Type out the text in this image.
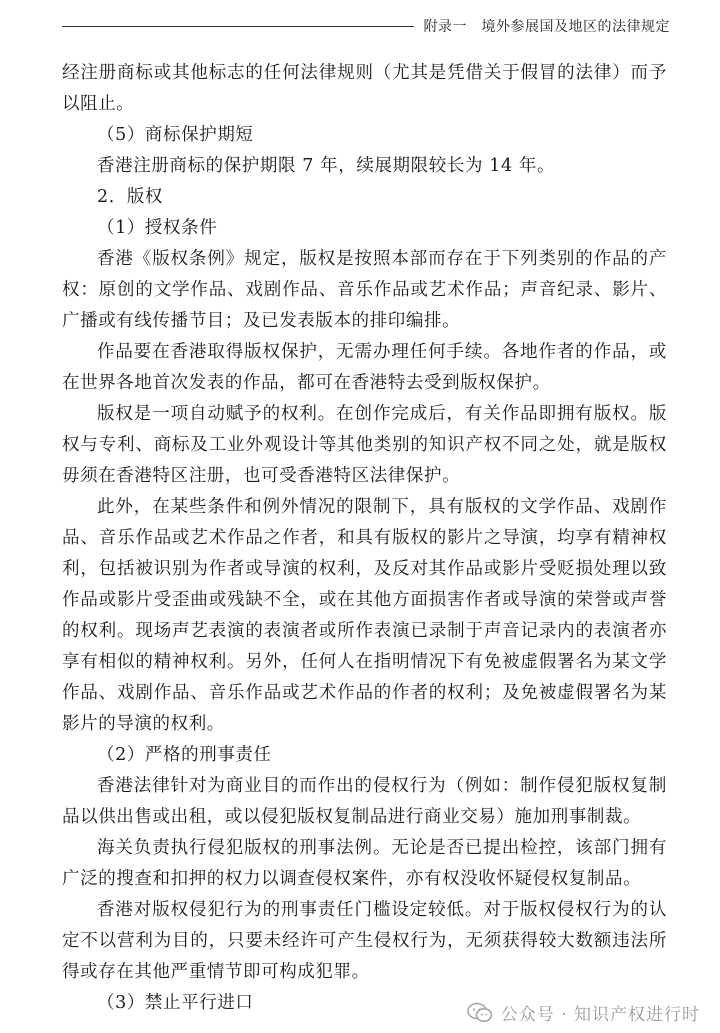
附录一　境外参展国及地区的法律规定

经注册商标或其他标志的任何法律规则（尤其是凭借关于假冒的法律）而予以阻止。

（5）商标保护期短

香港注册商标的保护期限 7 年，续展期限较长为 14 年。

2．版权

（1）授权条件

香港《版权条例》规定，版权是按照本部而存在于下列类别的作品的产权：原创的文学作品、戏剧作品、音乐作品或艺术作品；声音纪录、影片、广播或有线传播节目；及已发表版本的排印编排。

作品要在香港取得版权保护，无需办理任何手续。各地作者的作品，或在世界各地首次发表的作品，都可在香港特去受到版权保护。

版权是一项自动赋予的权利。在创作完成后，有关作品即拥有版权。版权与专利、商标及工业外观设计等其他类别的知识产权不同之处，就是版权毋须在香港特区注册，也可受香港特区法律保护。

此外，在某些条件和例外情况的限制下，具有版权的文学作品、戏剧作品、音乐作品或艺术作品之作者，和具有版权的影片之导演，均享有精神权利，包括被识别为作者或导演的权利，及反对其作品或影片受贬损处理以致作品或影片受歪曲或残缺不全，或在其他方面损害作者或导演的荣誉或声誉的权利。现场声艺表演的表演者或所作表演已录制于声音记录内的表演者亦享有相似的精神权利。另外，任何人在指明情况下有免被虚假署名为某文学作品、戏剧作品、音乐作品或艺术作品的作者的权利；及免被虚假署名为某影片的导演的权利。

（2）严格的刑事责任

香港法律针对为商业目的而作出的侵权行为（例如：制作侵犯版权复制品以供出售或出租，或以侵犯版权复制品进行商业交易）施加刑事制裁。

海关负责执行侵犯版权的刑事法例。无论是否已提出检控，该部门拥有广泛的搜查和扣押的权力以调查侵权案件，亦有权没收怀疑侵权复制品。

香港对版权侵犯行为的刑事责任门槛设定较低。对于版权侵权行为的认定不以营利为目的，只要未经许可产生侵权行为，无须获得较大数额违法所得或存在其他严重情节即可构成犯罪。

（3）禁止平行进口

公众号 · 知识产权进行时
